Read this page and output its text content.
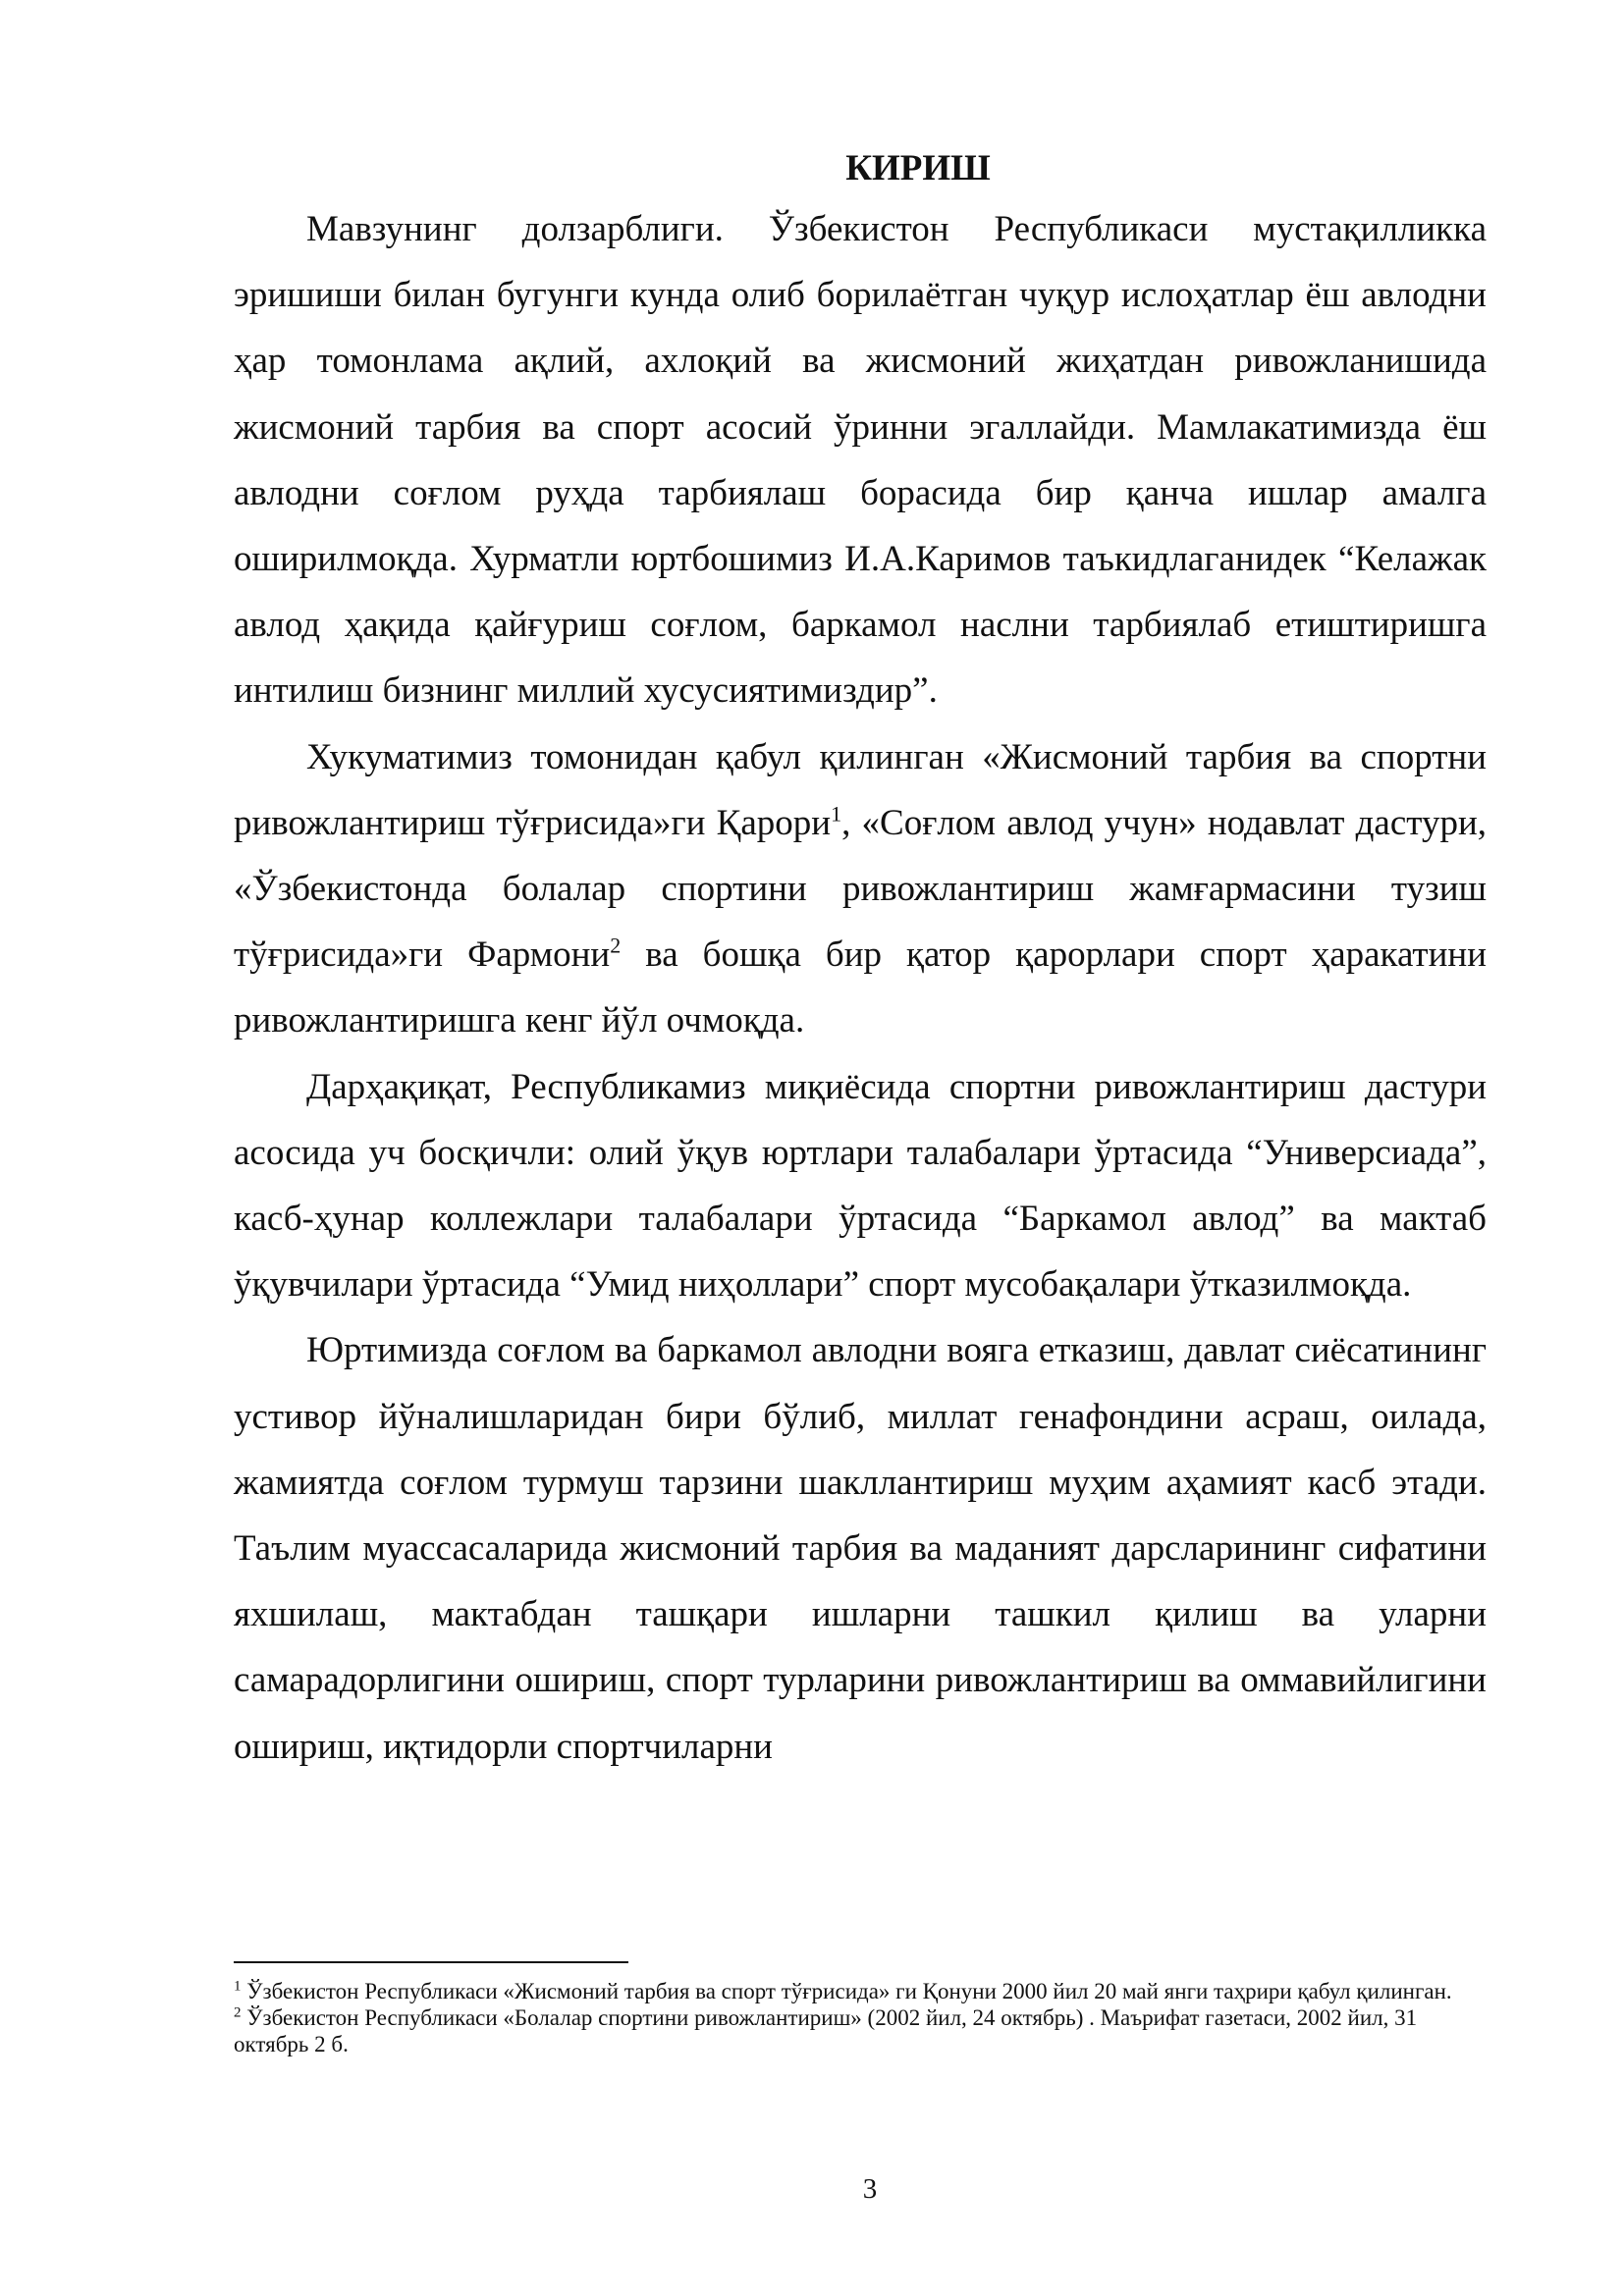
КИРИШ

Мавзунинг долзарблиги. Ўзбекистон Республикаси мустақилликка эришиши билан бугунги кунда олиб борилаётган чуқур ислоҳатлар ёш авлодни ҳар томонлама ақлий, ахлоқий ва жисмоний жиҳатдан ривожланишида жисмоний тарбия ва спорт асосий ўринни эгаллайди. Мамлакатимизда ёш авлодни соғлом руҳда тарбиялаш борасида бир қанча ишлар амалга оширилмоқда. Хурматли юртбошимиз И.А.Каримов таъкидлаганидек “Келажак авлод ҳақида қайғуриш соғлом, баркамол наслни тарбиялаб етиштиришга интилиш бизнинг миллий хусусиятимиздир”.

Хукуматимиз томонидан қабул қилинган «Жисмоний тарбия ва спортни ривожлантириш тўғрисида»ги Қарори$^1$, «Соғлом авлод учун» нодавлат дастури, «Ўзбекистонда болалар спортини ривожлантириш жамғармасини тузиш тўғрисида»ги Фармони$^2$ ва бошқа бир қатор қарорлари спорт ҳаракатини ривожлантиришга кенг йўл очмоқда.

Дарҳақиқат, Республикамиз миқиёсида спортни ривожлантириш дастури асосида уч босқичли: олий ўқув юртлари талабалари ўртасида “Универсиада”, касб-ҳунар коллежлари талабалари ўртасида “Баркамол авлод” ва мактаб ўқувчилари ўртасида “Умид ниҳоллари” спорт мусобақалари ўтказилмоқда.

Юртимизда соғлом ва баркамол авлодни вояга етказиш, давлат сиёсатининг устивор йўналишларидан бири бўлиб, миллат генафондини асраш, оилада, жамиятда соғлом турмуш тарзини шакллантириш муҳим аҳамият касб этади. Таълим муассасаларида жисмоний тарбия ва маданият дарсларининг сифатини яхшилаш, мактабдан ташқари ишларни ташкил қилиш ва уларни самарадорлигини ошириш, спорт турларини ривожлантириш ва оммавийлигини ошириш, иқтидорли спортчиларни

$^1$ Ўзбекистон Республикаси «Жисмоний тарбия ва спорт тўғрисида» ги Қонуни 2000 йил 20 май янги таҳрири қабул қилинган.

$^2$ Ўзбекистон Республикаси «Болалар спортини ривожлантириш» (2002 йил, 24 октябрь) . Маърифат газетаси, 2002 йил, 31 октябрь 2 б.

3
